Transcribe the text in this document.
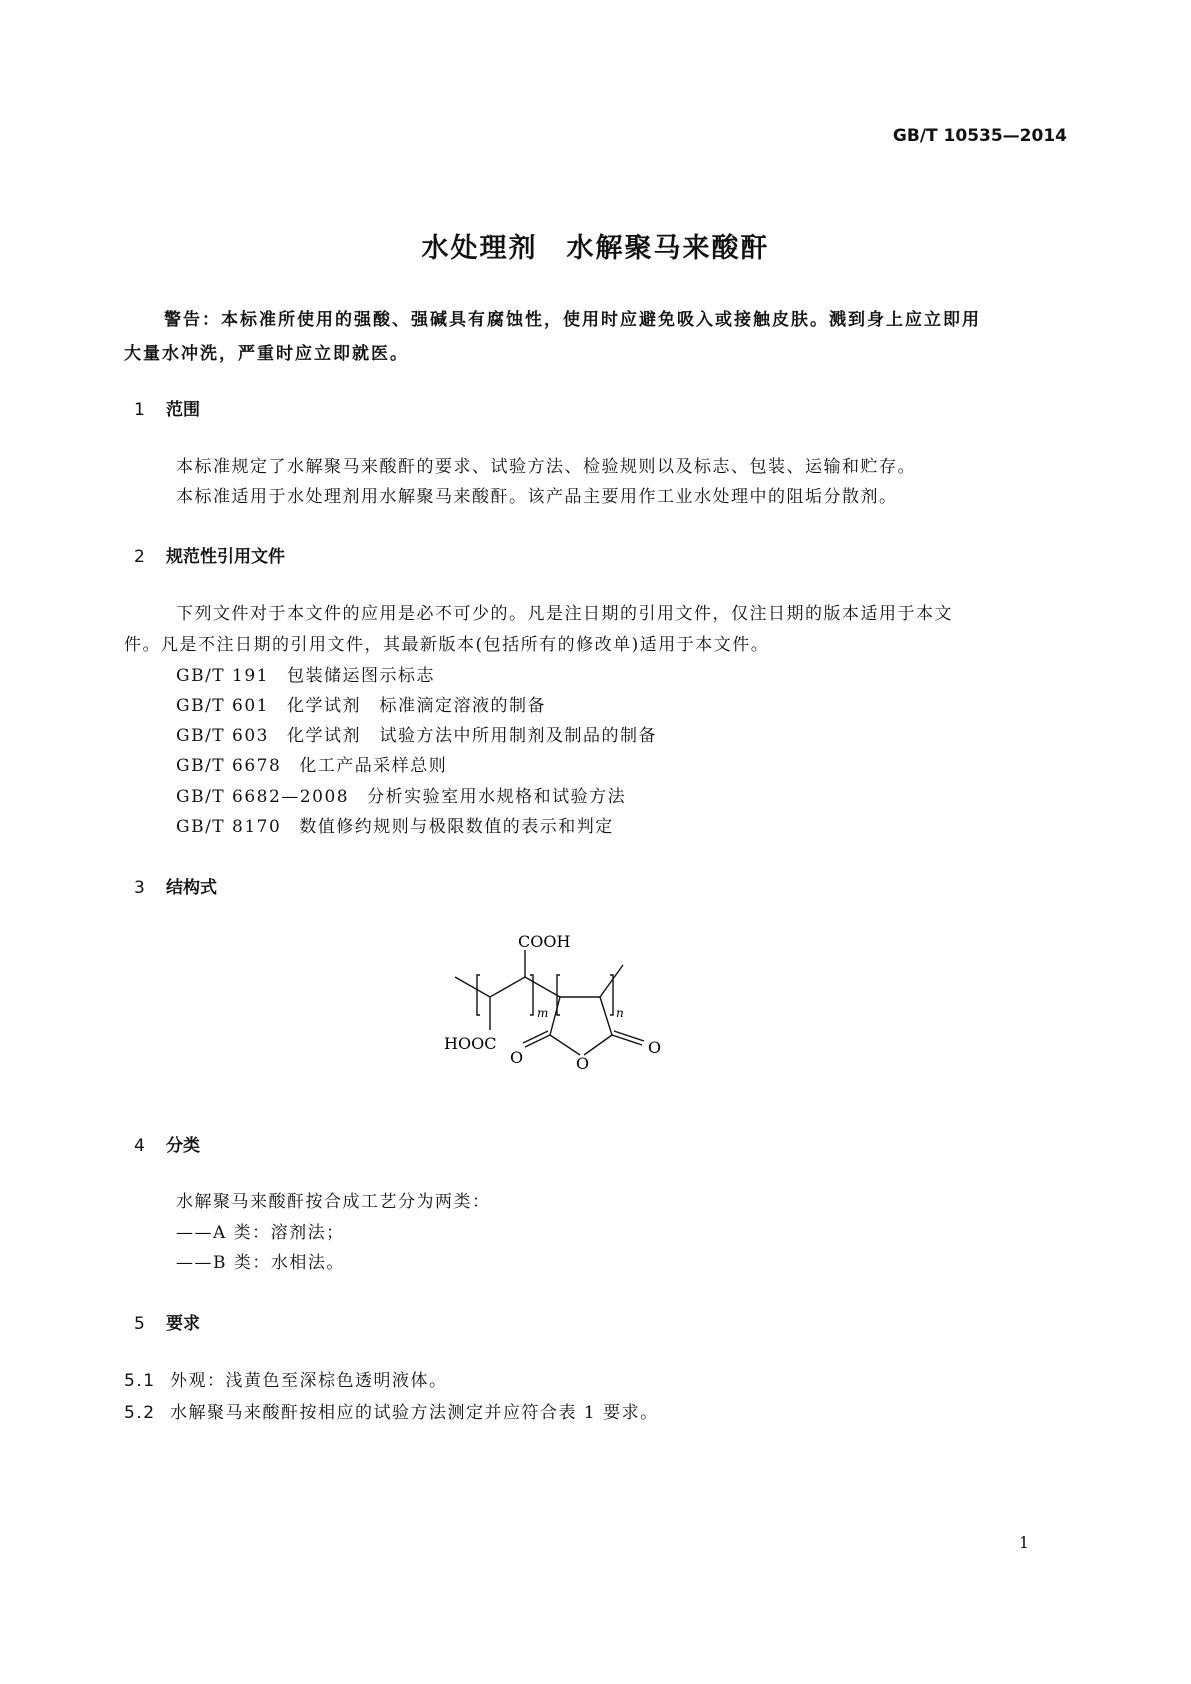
GB/T 10535—2014
水处理剂　水解聚马来酸酐
警告：本标准所使用的强酸、强碱具有腐蚀性，使用时应避免吸入或接触皮肤。溅到身上应立即用
大量水冲洗，严重时应立即就医。
1 范围
本标准规定了水解聚马来酸酐的要求、试验方法、检验规则以及标志、包装、运输和贮存。
本标准适用于水处理剂用水解聚马来酸酐。该产品主要用作工业水处理中的阻垢分散剂。
2 规范性引用文件
下列文件对于本文件的应用是必不可少的。凡是注日期的引用文件，仅注日期的版本适用于本文
件。凡是不注日期的引用文件，其最新版本(包括所有的修改单)适用于本文件。
GB/T 191 包装储运图示标志
GB/T 601 化学试剂　标准滴定溶液的制备
GB/T 603 化学试剂　试验方法中所用制剂及制品的制备
GB/T 6678 化工产品采样总则
GB/T 6682—2008 分析实验室用水规格和试验方法
GB/T 8170 数值修约规则与极限数值的表示和判定
3 结构式
COOH
HOOC
m	n
O	O
O
4 分类
水解聚马来酸酐按合成工艺分为两类：
——A 类：溶剂法；
——B 类：水相法。
5 要求
5.1 外观：浅黄色至深棕色透明液体。
5.2 水解聚马来酸酐按相应的试验方法测定并应符合表 1 要求。
1
